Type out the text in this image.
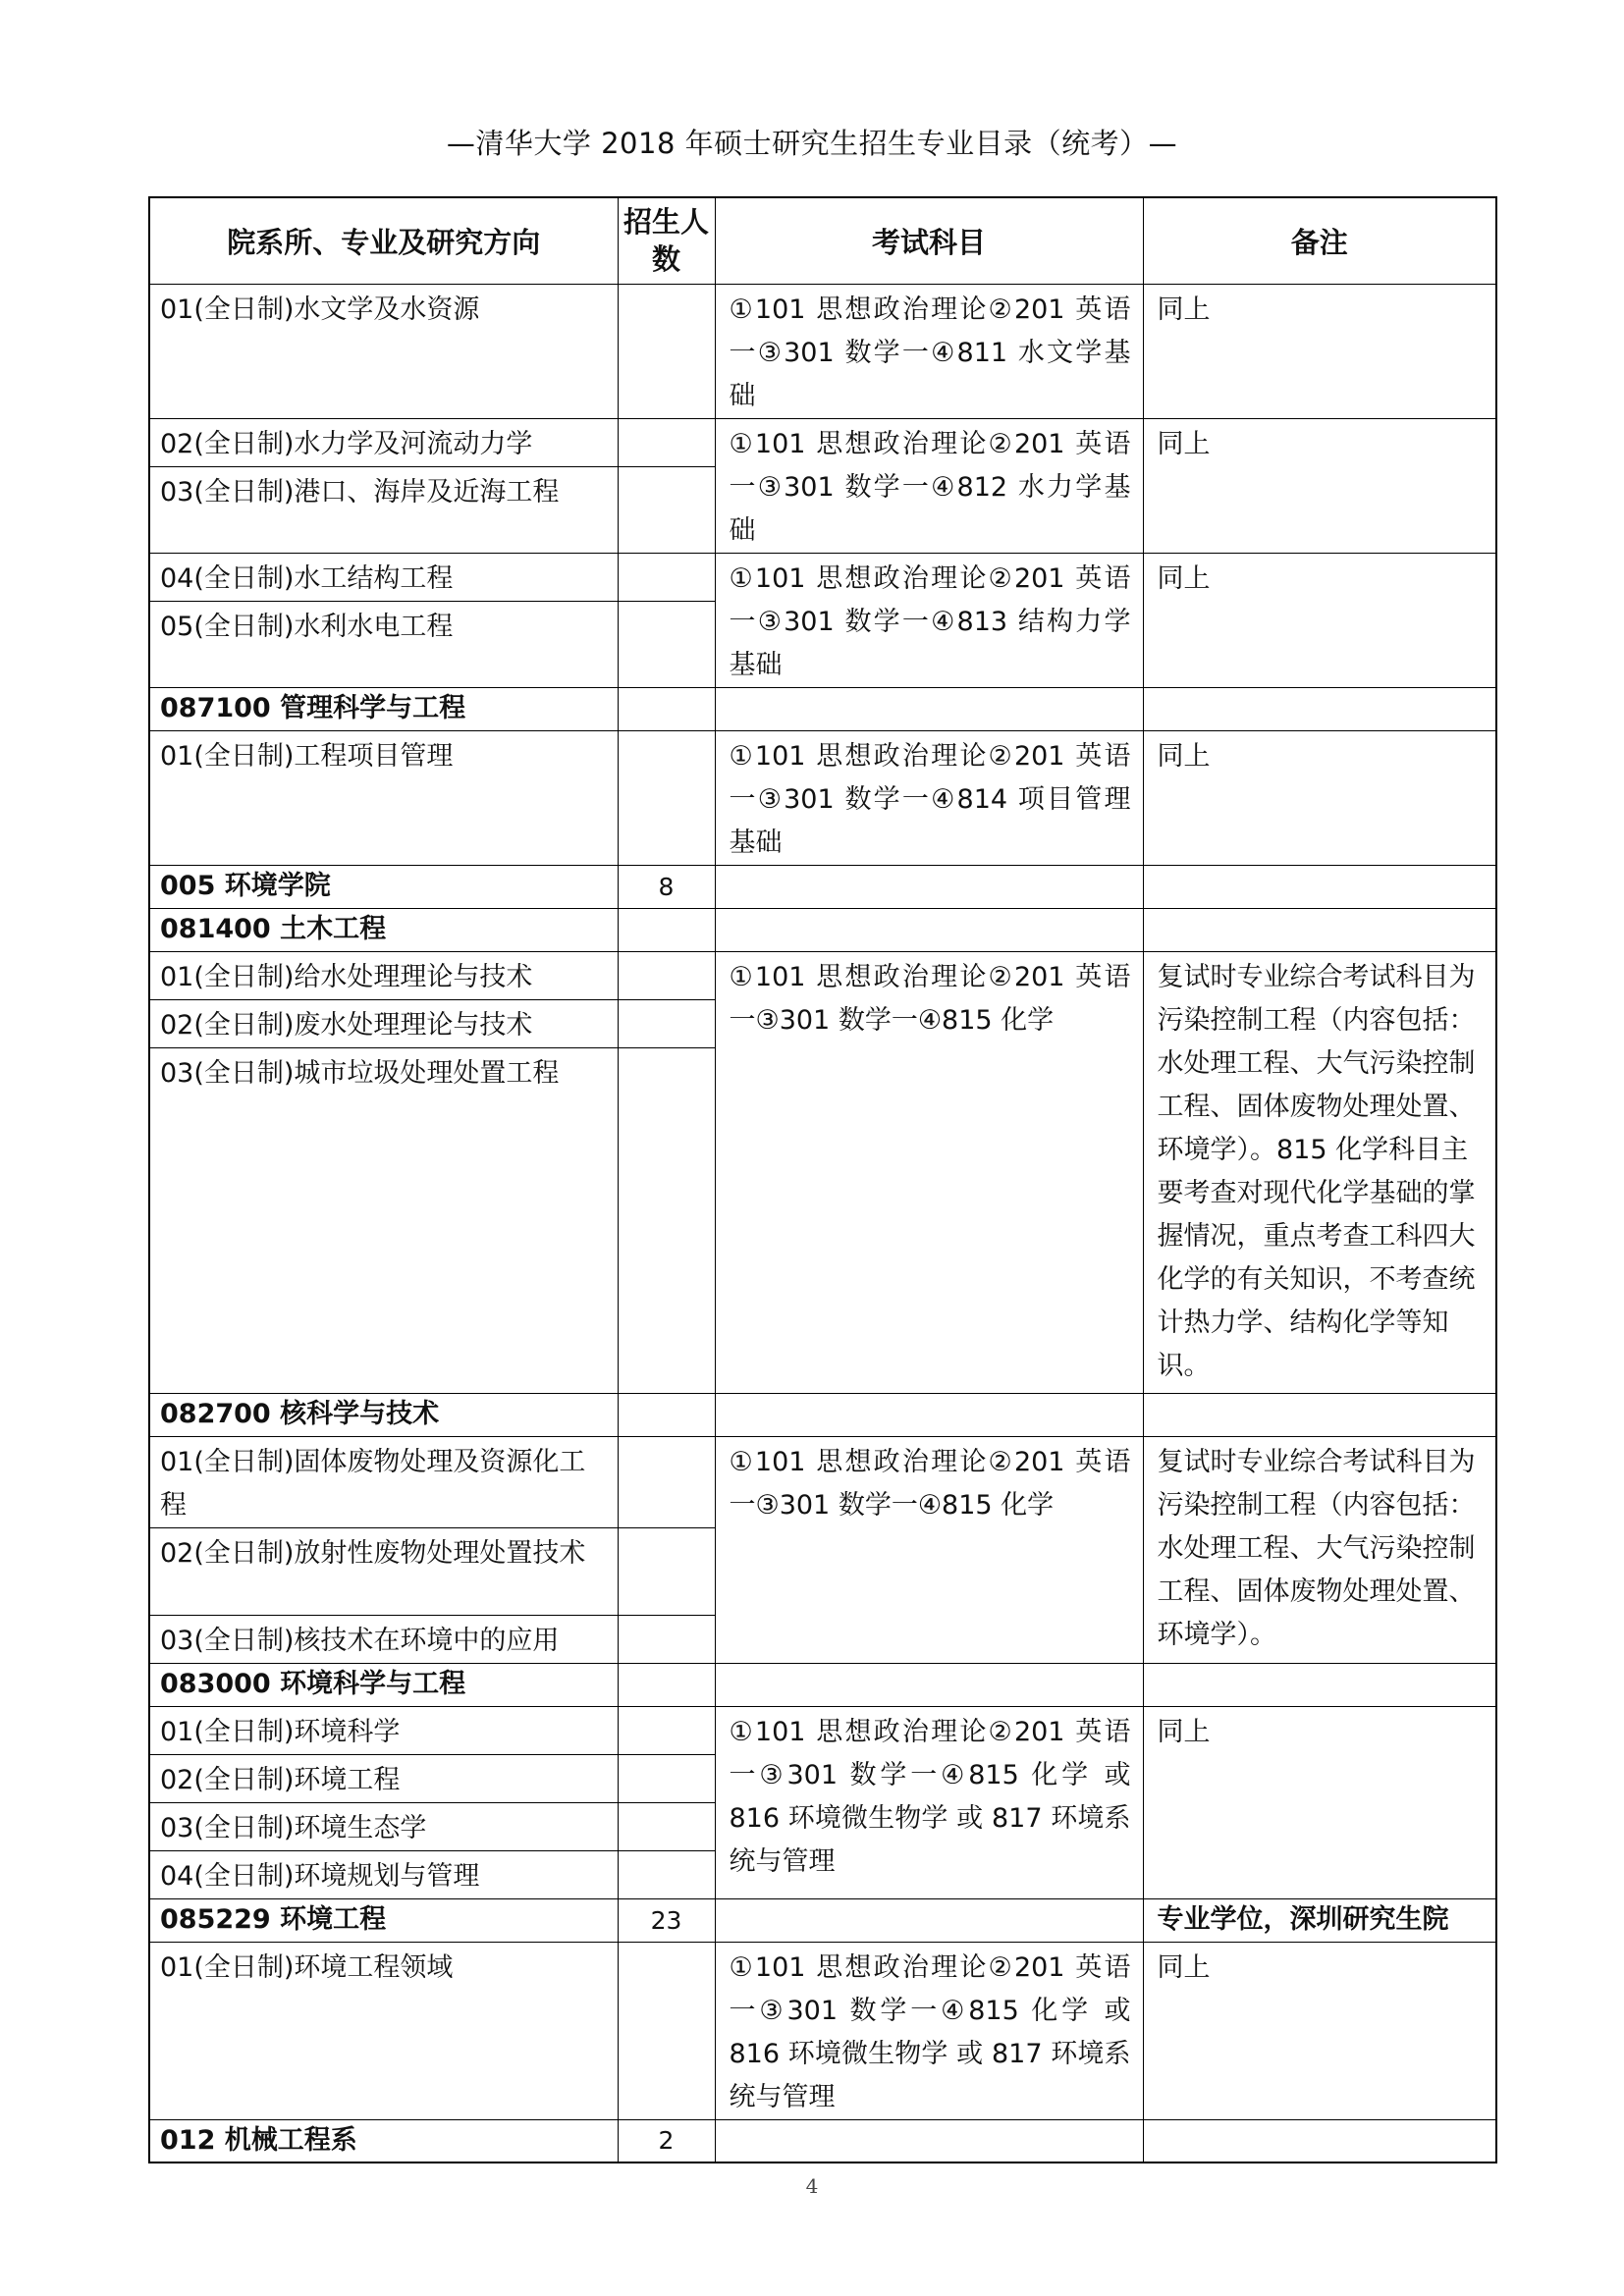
—清华大学 2018 年硕士研究生招生专业目录（统考）—
院系所、专业及研究方向	招生人数	考试科目	备注
01(全日制)水文学及水资源		①101 思想政治理论②201 英语一③301 数学一④811 水文学基础	同上
02(全日制)水力学及河流动力学		①101 思想政治理论②201 英语一③301 数学一④812 水力学基础	同上
03(全日制)港口、海岸及近海工程			
04(全日制)水工结构工程		①101 思想政治理论②201 英语一③301 数学一④813 结构力学基础	同上
05(全日制)水利水电工程			
087100 管理科学与工程			
01(全日制)工程项目管理		①101 思想政治理论②201 英语一③301 数学一④814 项目管理基础	同上
005 环境学院	8		
081400 土木工程			
01(全日制)给水处理理论与技术		①101 思想政治理论②201 英语一③301 数学一④815 化学	复试时专业综合考试科目为污染控制工程（内容包括：水处理工程、大气污染控制工程、固体废物处理处置、环境学）。815 化学科目主要考查对现代化学基础的掌握情况，重点考查工科四大化学的有关知识，不考查统计热力学、结构化学等知识。
02(全日制)废水处理理论与技术			
03(全日制)城市垃圾处理处置工程			
082700 核科学与技术			
01(全日制)固体废物处理及资源化工程		①101 思想政治理论②201 英语一③301 数学一④815 化学	复试时专业综合考试科目为污染控制工程（内容包括：水处理工程、大气污染控制工程、固体废物处理处置、环境学）。
02(全日制)放射性废物处理处置技术			
03(全日制)核技术在环境中的应用			
083000 环境科学与工程			
01(全日制)环境科学		①101 思想政治理论②201 英语一③301 数学一④815 化学 或 816 环境微生物学 或 817 环境系统与管理	同上
02(全日制)环境工程			
03(全日制)环境生态学			
04(全日制)环境规划与管理			
085229 环境工程	23		专业学位，深圳研究生院
01(全日制)环境工程领域		①101 思想政治理论②201 英语一③301 数学一④815 化学 或 816 环境微生物学 或 817 环境系统与管理	同上
012 机械工程系	2		
4
